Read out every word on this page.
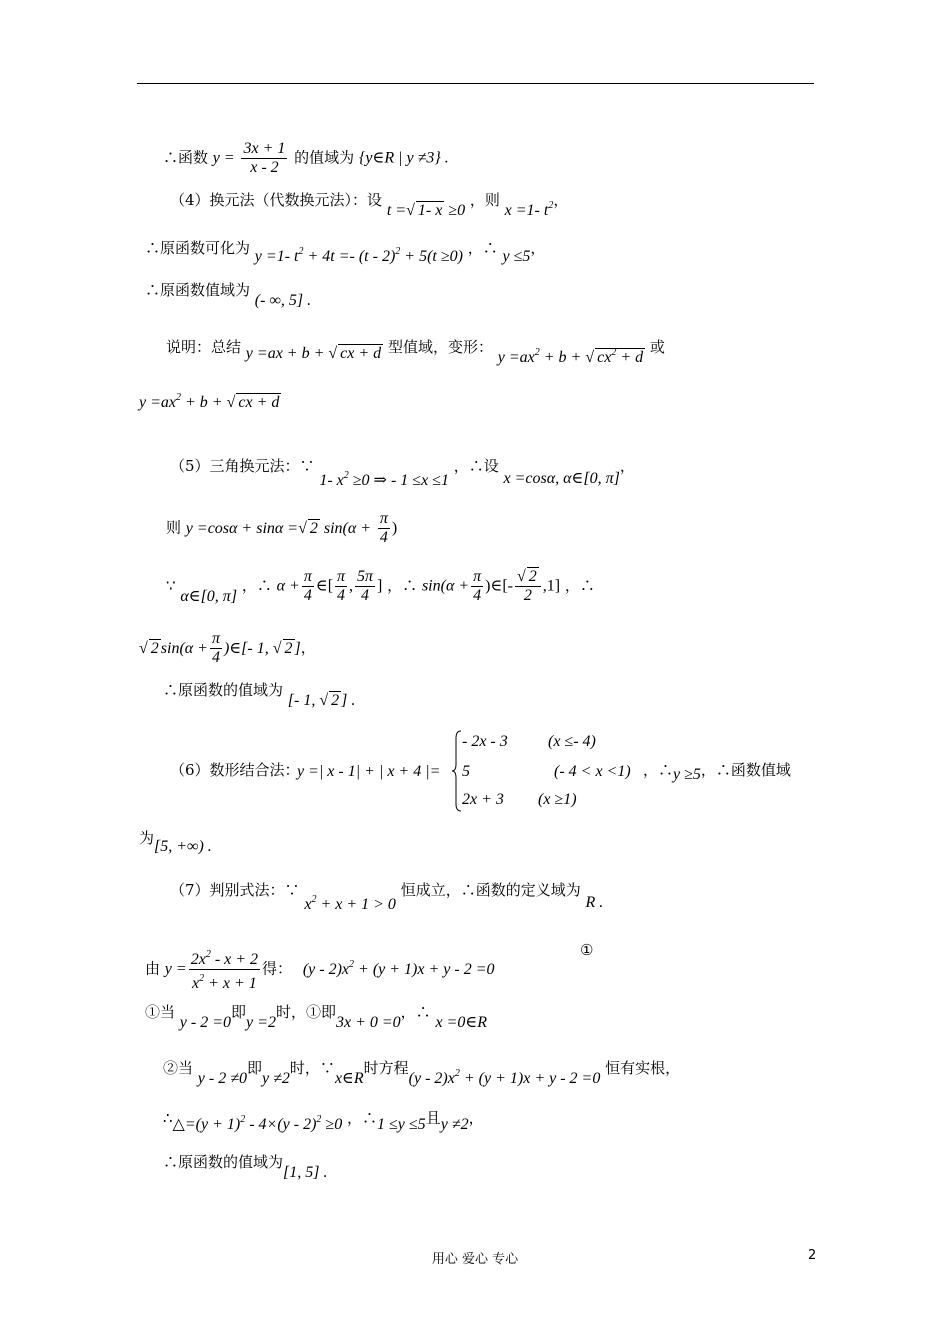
∴函数 $y = \frac{3x + 1}{x - 2}$ 的值域为 {y∈R | y ≠3} .
（4）换元法（代数换元法）：设 t =√ 1- x ≥0 ，则 x =1- $t^2$，
∴原函数可化为 y =1- $t^2 + 4t =- (t - 2)^2 + 5(t \ge 0)$ ，∴ y ≤5，
∴原函数值域为 (- ∞, 5] .
说明：总结 y =ax + b + √ cx + d 型值域，变形： $y =ax^2 + b$ + √ $cx^2 + d$ 或
$y =ax^2 + b$ + √ cx + d
（5）三角换元法：∵ 1- $x^2 \ge 0$ ⇒ - 1 ≤x ≤1 ，∴设 x =cosα, α∈[0, π]，
则 y =cosα + sinα =√ 2 $\sin(\alpha + \frac{\pi}{4}$ )
∵ α∈[0, π] ，∴ $\alpha + \frac{\pi}{4}$ ∈[ $\frac{\pi}{4}$ , $\frac{5\pi}{4}$ ] ，∴ $\sin(\alpha + \frac{\pi}{4}$ )∈[- $\frac{√ 2}{2} ,1$] ，∴
√ 2 $\sin(\alpha + \frac{\pi}{4}$ )∈[- 1, √ 2 ]，
∴原函数的值域为 [- 1, √ 2 ] .
（6）数形结合法：
y =| x - 1| + | x + 4 |=
- 2x - 3	(x ≤- 4)
5	(- 4 < x <1)
2x + 3 (x ≥1)
，∴y ≥5，∴函数值域
为[5, +∞) .
（7）判别式法：∵ $x^2 + x + 1 > 0$ 恒成立，∴函数的定义域为 R .
由 $y = \frac{2x^2 - x + 2}{x^2 + x + 1}$ 得： $(y - 2)x^2 + (y + 1)x + y - 2 =0$
①
①当 y - 2 =0即y =2时，①即3x + 0 =0，∴ x =0∈R
②当 y - 2 ≠0即y ≠2时，∵x∈R时方程$(y - 2)x^2 + (y + 1)x + y - 2 =0$ 恒有实根，
∴△=(y + 1)$^2$ - 4×(y - 2)$^2$ ≥0 ，∴1 ≤y ≤5且y ≠2，
∴原函数的值域为[1, 5] .
用心 爱心 专心	2
